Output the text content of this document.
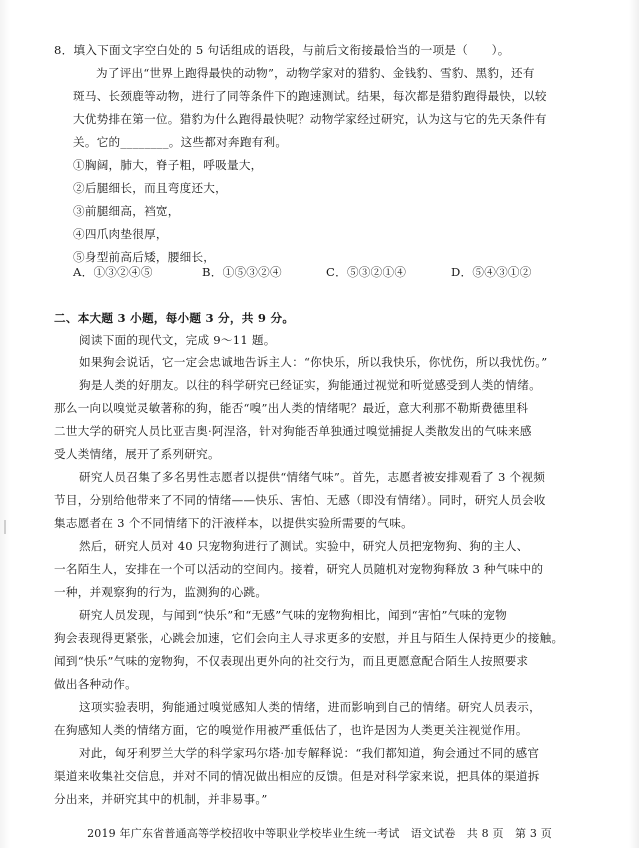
8．填入下面文字空白处的 5 句话组成的语段，与前后文衔接最恰当的一项是（　　）。
为了评出“世界上跑得最快的动物”，动物学家对的猎豹、金钱豹、雪豹、黑豹，还有
斑马、长颈鹿等动物，进行了同等条件下的跑速测试。结果，每次都是猎豹跑得最快，以较
大优势排在第一位。猎豹为什么跑得最快呢？动物学家经过研究，认为这与它的先天条件有
关。它的________。这些都对奔跑有利。
①胸阔，肺大，脊子粗，呼吸量大，
②后腿细长，而且弯度还大，
③前腿细高，裆宽，
④四爪肉垫很厚，
⑤身型前高后矮，腰细长，
A．①③②④⑤	B．①⑤③②④	C．⑤③②①④	D．⑤④③①②
二、本大题 3 小题，每小题 3 分，共 9 分。
阅读下面的现代文，完成 9～11 题。
如果狗会说话，它一定会忠诚地告诉主人：“你快乐，所以我快乐，你忧伤，所以我忧伤。”
狗是人类的好朋友。以往的科学研究已经证实，狗能通过视觉和听觉感受到人类的情绪。
那么一向以嗅觉灵敏著称的狗，能否“嗅”出人类的情绪呢？最近，意大利那不勒斯费德里科
二世大学的研究人员比亚吉奥·阿涅洛，针对狗能否单独通过嗅觉捕捉人类散发出的气味来感
受人类情绪，展开了系列研究。
研究人员召集了多名男性志愿者以提供“情绪气味”。首先，志愿者被安排观看了 3 个视频
节目，分别给他带来了不同的情绪——快乐、害怕、无感（即没有情绪）。同时，研究人员会收
集志愿者在 3 个不同情绪下的汗液样本，以提供实验所需要的气味。
然后，研究人员对 40 只宠物狗进行了测试。实验中，研究人员把宠物狗、狗的主人、
一名陌生人，安排在一个可以活动的空间内。接着，研究人员随机对宠物狗释放 3 种气味中的
一种，并观察狗的行为，监测狗的心跳。
研究人员发现，与闻到“快乐”和“无感”气味的宠物狗相比，闻到“害怕”气味的宠物
狗会表现得更紧张，心跳会加速，它们会向主人寻求更多的安慰，并且与陌生人保持更少的接触。
闻到“快乐”气味的宠物狗，不仅表现出更外向的社交行为，而且更愿意配合陌生人按照要求
做出各种动作。
这项实验表明，狗能通过嗅觉感知人类的情绪，进而影响到自己的情绪。研究人员表示，
在狗感知人类的情绪方面，它的嗅觉作用被严重低估了，也许是因为人类更关注视觉作用。
对此，匈牙利罗兰大学的科学家玛尔塔·加专解释说：“我们都知道，狗会通过不同的感官
渠道来收集社交信息，并对不同的情况做出相应的反馈。但是对科学家来说，把具体的渠道拆
分出来，并研究其中的机制，并非易事。”
2019 年广东省普通高等学校招收中等职业学校毕业生统一考试　语文试卷　共 8 页　第 3 页
